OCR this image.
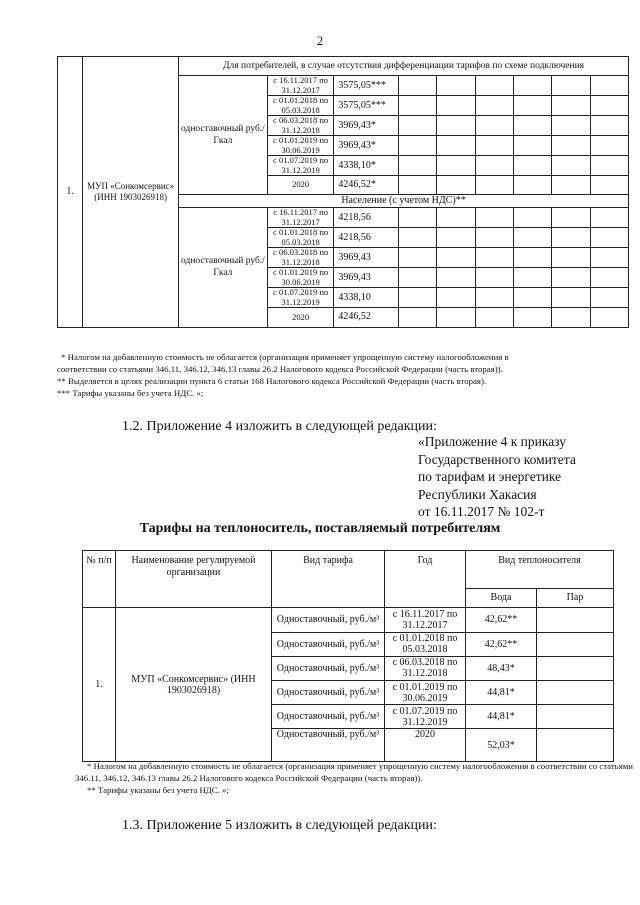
2
1.	МУП «Сонкомсервис» (ИНН 1903026918)	Для потребителей, в случае отсутствия дифференциации тарифов по схеме подключения								
		одноставочный руб./Гкал	с 16.11.2017 по 31.12.2017	3575,05***						
			с 01.01.2018 по 05.03.2018	3575,05***						
			с 06.03.2018 по 31.12.2018	3969,43*						
			с 01.01.2019 по 30.06.2019	3969,43*						
			с 01.07.2019 по 31.12.2019	4338,10*						
			2020	4246,52*						
		Население (с учетом НДС)**								
		одноставочный руб./Гкал	с 16.11.2017 по 31.12.2017	4218,56						
			с 01.01.2018 по 05.03.2018	4218,56						
			с 06.03.2018 по 31.12.2018	3969,43						
			с 01.01.2019 по 30.06.2019	3969,43						
			с 01.07.2019 по 31.12.2019	4338,10						
			2020	4246,52						
* Налогом на добавленную стоимость не облагается (организация применяет упрощенную систему налогообложения в
соответствии со статьями 346.11, 346.12, 346.13 главы 26.2 Налогового кодекса Российской Федерации (часть вторая)).
** Выделяется в целях реализации пункта 6 статьи 168 Налогового кодекса Российской Федерации (часть вторая).
*** Тарифы указаны без учета НДС. »;
1.2. Приложение 4 изложить в следующей редакции:
«Приложение 4 к приказу
Государственного комитета
по тарифам и энергетике
Республики Хакасия
от 16.11.2017 № 102-т
Тарифы на теплоноситель, поставляемый потребителям
№ п/п	Наименование регулируемой организации	Вид тарифа	Год	Вид теплоносителя	
				Вода	Пар
1.	МУП «Сонкомсервис» (ИНН 1903026918)	Одноставочный, руб./м³	с 16.11.2017 по 31.12.2017	42,62**	
		Одноставочный, руб./м³	с 01.01.2018 по 05.03.2018	42,62**	
		Одноставочный, руб./м³	с 06.03.2018 по 31.12.2018	48,43*	
		Одноставочный, руб./м³	с 01.01.2019 по 30.06.2019	44,81*	
		Одноставочный, руб./м³	с 01.07.2019 по 31.12.2019	44,81*	
		Одноставочный, руб./м³	2020	52,03*	
* Налогом на добавленную стоимость не облагается (организация применяет упрощенную систему налогообложения в соответствии со статьями 346.11, 346.12, 346.13 главы 26.2 Налогового кодекса Российской Федерации (часть вторая)).
** Тарифы указаны без учета НДС. »;
1.3. Приложение 5 изложить в следующей редакции:
